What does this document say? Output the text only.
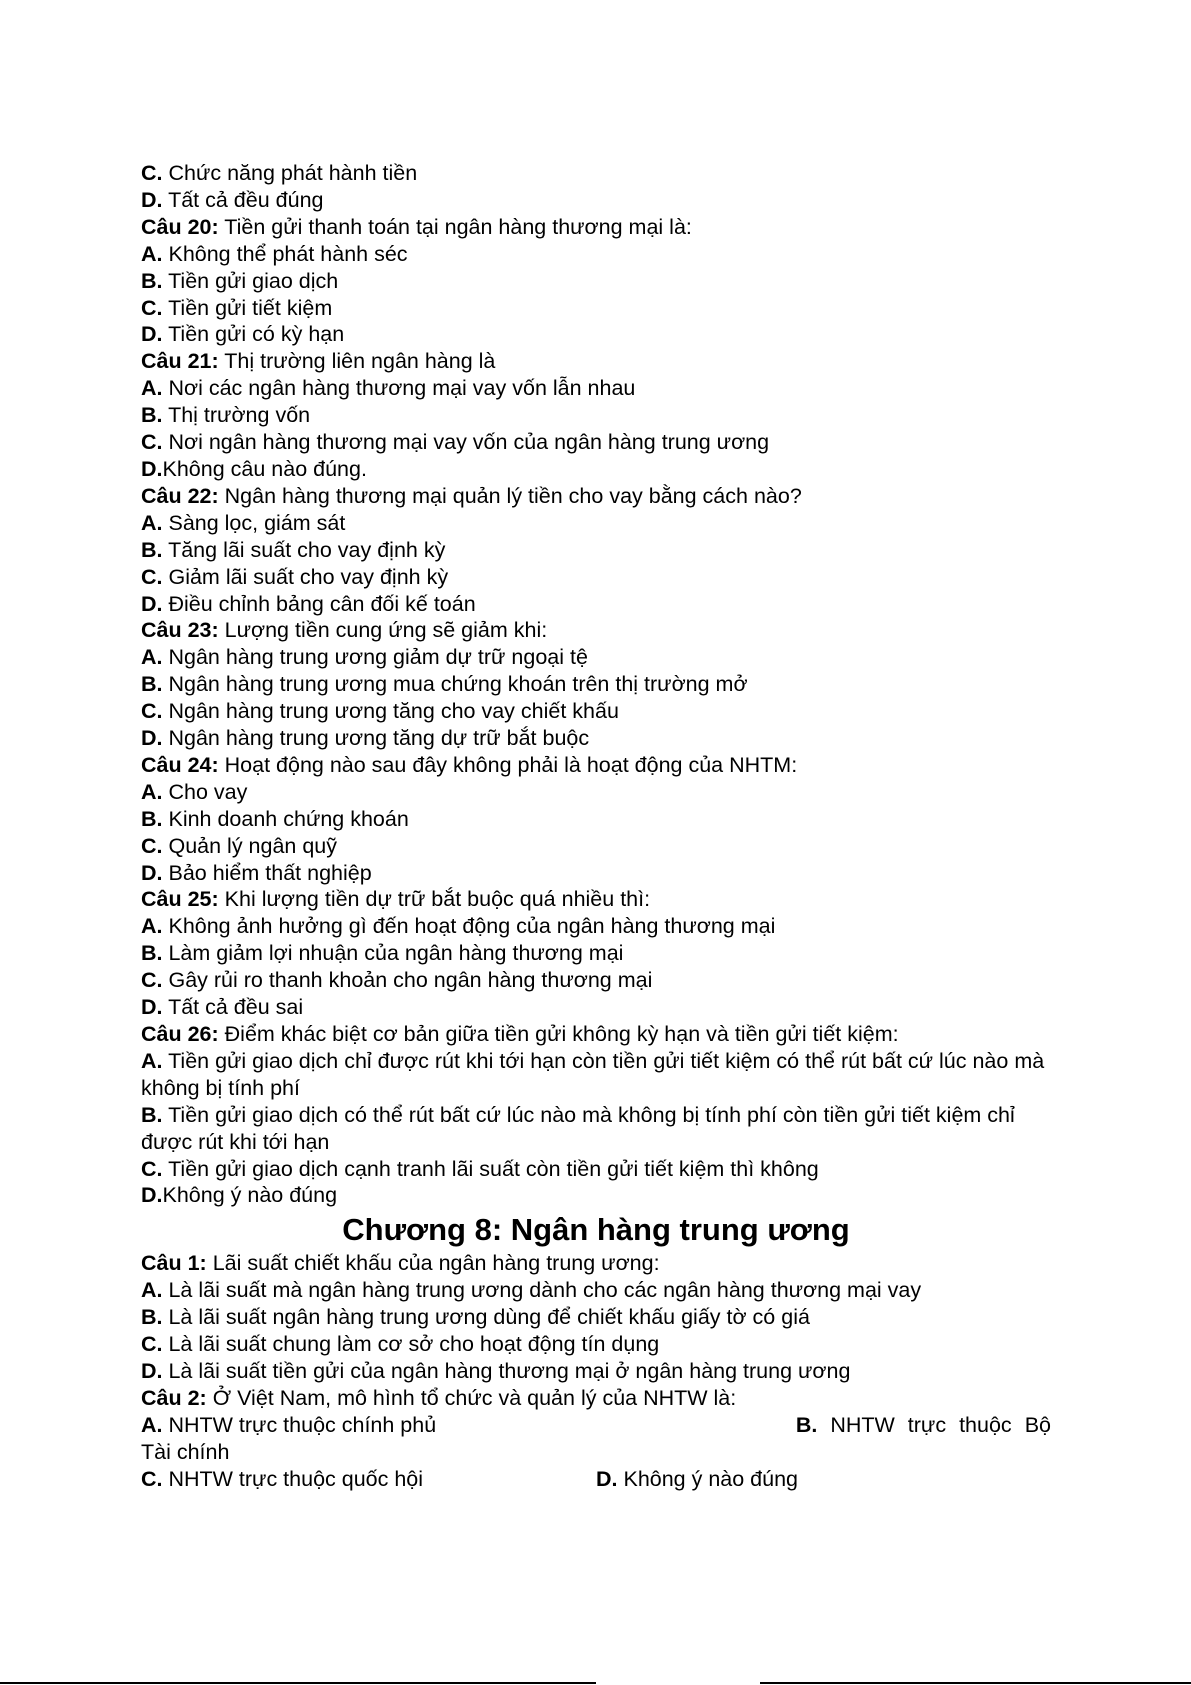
C. Chức năng phát hành tiền
D. Tất cả đều đúng
Câu 20: Tiền gửi thanh toán tại ngân hàng thương mại là:
A. Không thể phát hành séc
B. Tiền gửi giao dịch
C. Tiền gửi tiết kiệm
D. Tiền gửi có kỳ hạn
Câu 21: Thị trường liên ngân hàng là
A. Nơi các ngân hàng thương mại vay vốn lẫn nhau
B. Thị trường vốn
C. Nơi ngân hàng thương mại vay vốn của ngân hàng trung ương
D.Không câu nào đúng.
Câu 22: Ngân hàng thương mại quản lý tiền cho vay bằng cách nào?
A. Sàng lọc, giám sát
B. Tăng lãi suất cho vay định kỳ
C. Giảm lãi suất cho vay định kỳ
D. Điều chỉnh bảng cân đối kế toán
Câu 23: Lượng tiền cung ứng sẽ giảm khi:
A. Ngân hàng trung ương giảm dự trữ ngoại tệ
B. Ngân hàng trung ương mua chứng khoán trên thị trường mở
C. Ngân hàng trung ương tăng cho vay chiết khấu
D. Ngân hàng trung ương tăng dự trữ bắt buộc
Câu 24: Hoạt động nào sau đây không phải là hoạt động của NHTM:
A. Cho vay
B. Kinh doanh chứng khoán
C. Quản lý ngân quỹ
D. Bảo hiểm thất nghiệp
Câu 25: Khi lượng tiền dự trữ bắt buộc quá nhiều thì:
A. Không ảnh hưởng gì đến hoạt động của ngân hàng thương mại
B. Làm giảm lợi nhuận của ngân hàng thương mại
C. Gây rủi ro thanh khoản cho ngân hàng thương mại
D. Tất cả đều sai
Câu 26: Điểm khác biệt cơ bản giữa tiền gửi không kỳ hạn và tiền gửi tiết kiệm:
A. Tiền gửi giao dịch chỉ được rút khi tới hạn còn tiền gửi tiết kiệm có thể rút bất cứ lúc nào mà không bị tính phí
B. Tiền gửi giao dịch có thể rút bất cứ lúc nào mà không bị tính phí còn tiền gửi tiết kiệm chỉ được rút khi tới hạn
C. Tiền gửi giao dịch cạnh tranh lãi suất còn tiền gửi tiết kiệm thì không
D.Không ý nào đúng
Chương 8: Ngân hàng trung ương
Câu 1: Lãi suất chiết khấu của ngân hàng trung ương:
A. Là lãi suất mà ngân hàng trung ương dành cho các ngân hàng thương mại vay
B. Là lãi suất ngân hàng trung ương dùng để chiết khấu giấy tờ có giá
C. Là lãi suất chung làm cơ sở cho hoạt động tín dụng
D. Là lãi suất tiền gửi của ngân hàng thương mại ở ngân hàng trung ương
Câu 2: Ở Việt Nam, mô hình tổ chức và quản lý của NHTW là:
A. NHTW trực thuộc chính phủ	B. NHTW trực thuộc Bộ
Tài chính
C. NHTW trực thuộc quốc hội	D. Không ý nào đúng
